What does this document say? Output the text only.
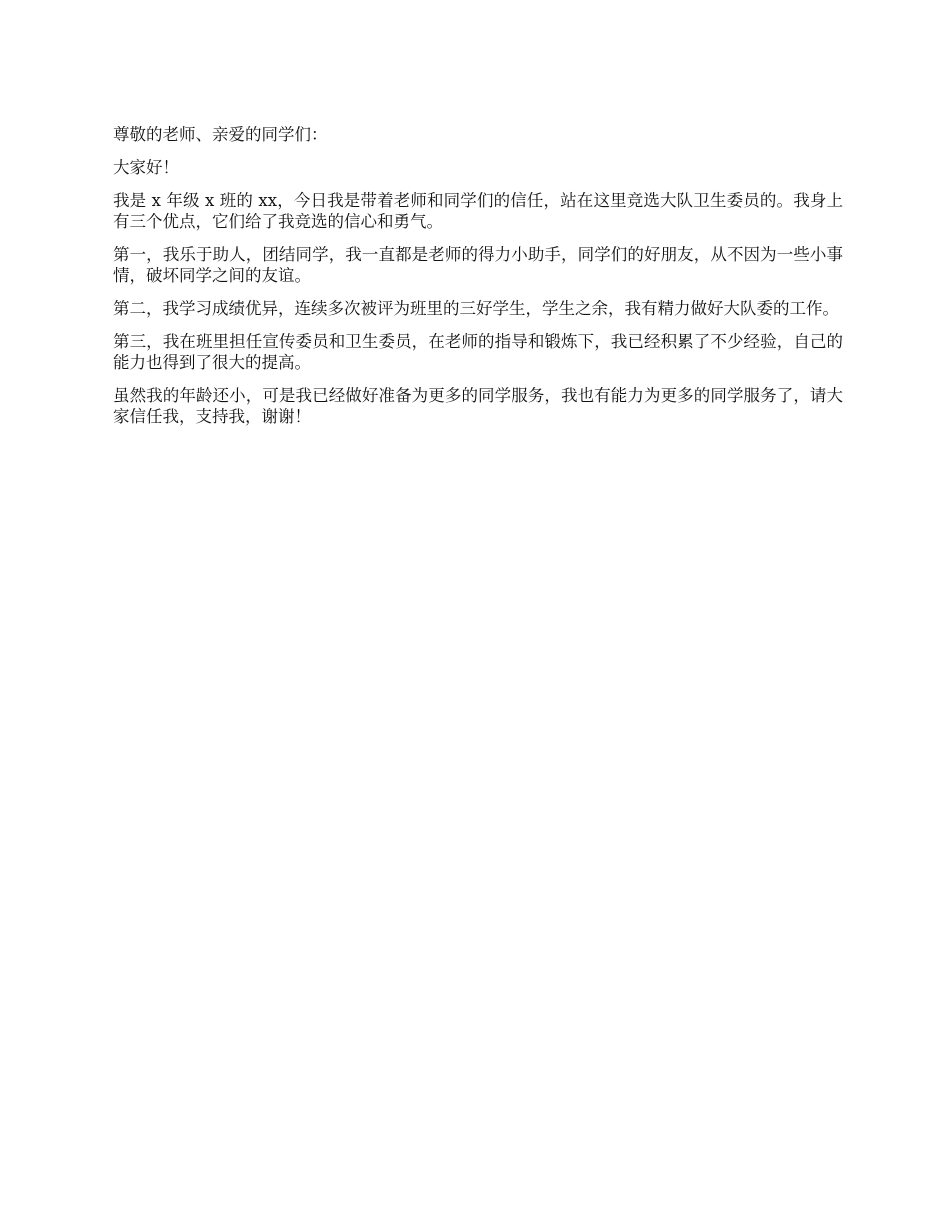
尊敬的老师、亲爱的同学们：

大家好！

我是 x 年级 x 班的 xx，今日我是带着老师和同学们的信任，站在这里竞选大队卫生委员的。我身上有三个优点，它们给了我竞选的信心和勇气。

第一，我乐于助人，团结同学，我一直都是老师的得力小助手，同学们的好朋友，从不因为一些小事情，破坏同学之间的友谊。

第二，我学习成绩优异，连续多次被评为班里的三好学生，学生之余，我有精力做好大队委的工作。

第三，我在班里担任宣传委员和卫生委员，在老师的指导和锻炼下，我已经积累了不少经验，自己的能力也得到了很大的提高。

虽然我的年龄还小，可是我已经做好准备为更多的同学服务，我也有能力为更多的同学服务了，请大家信任我，支持我，谢谢！
